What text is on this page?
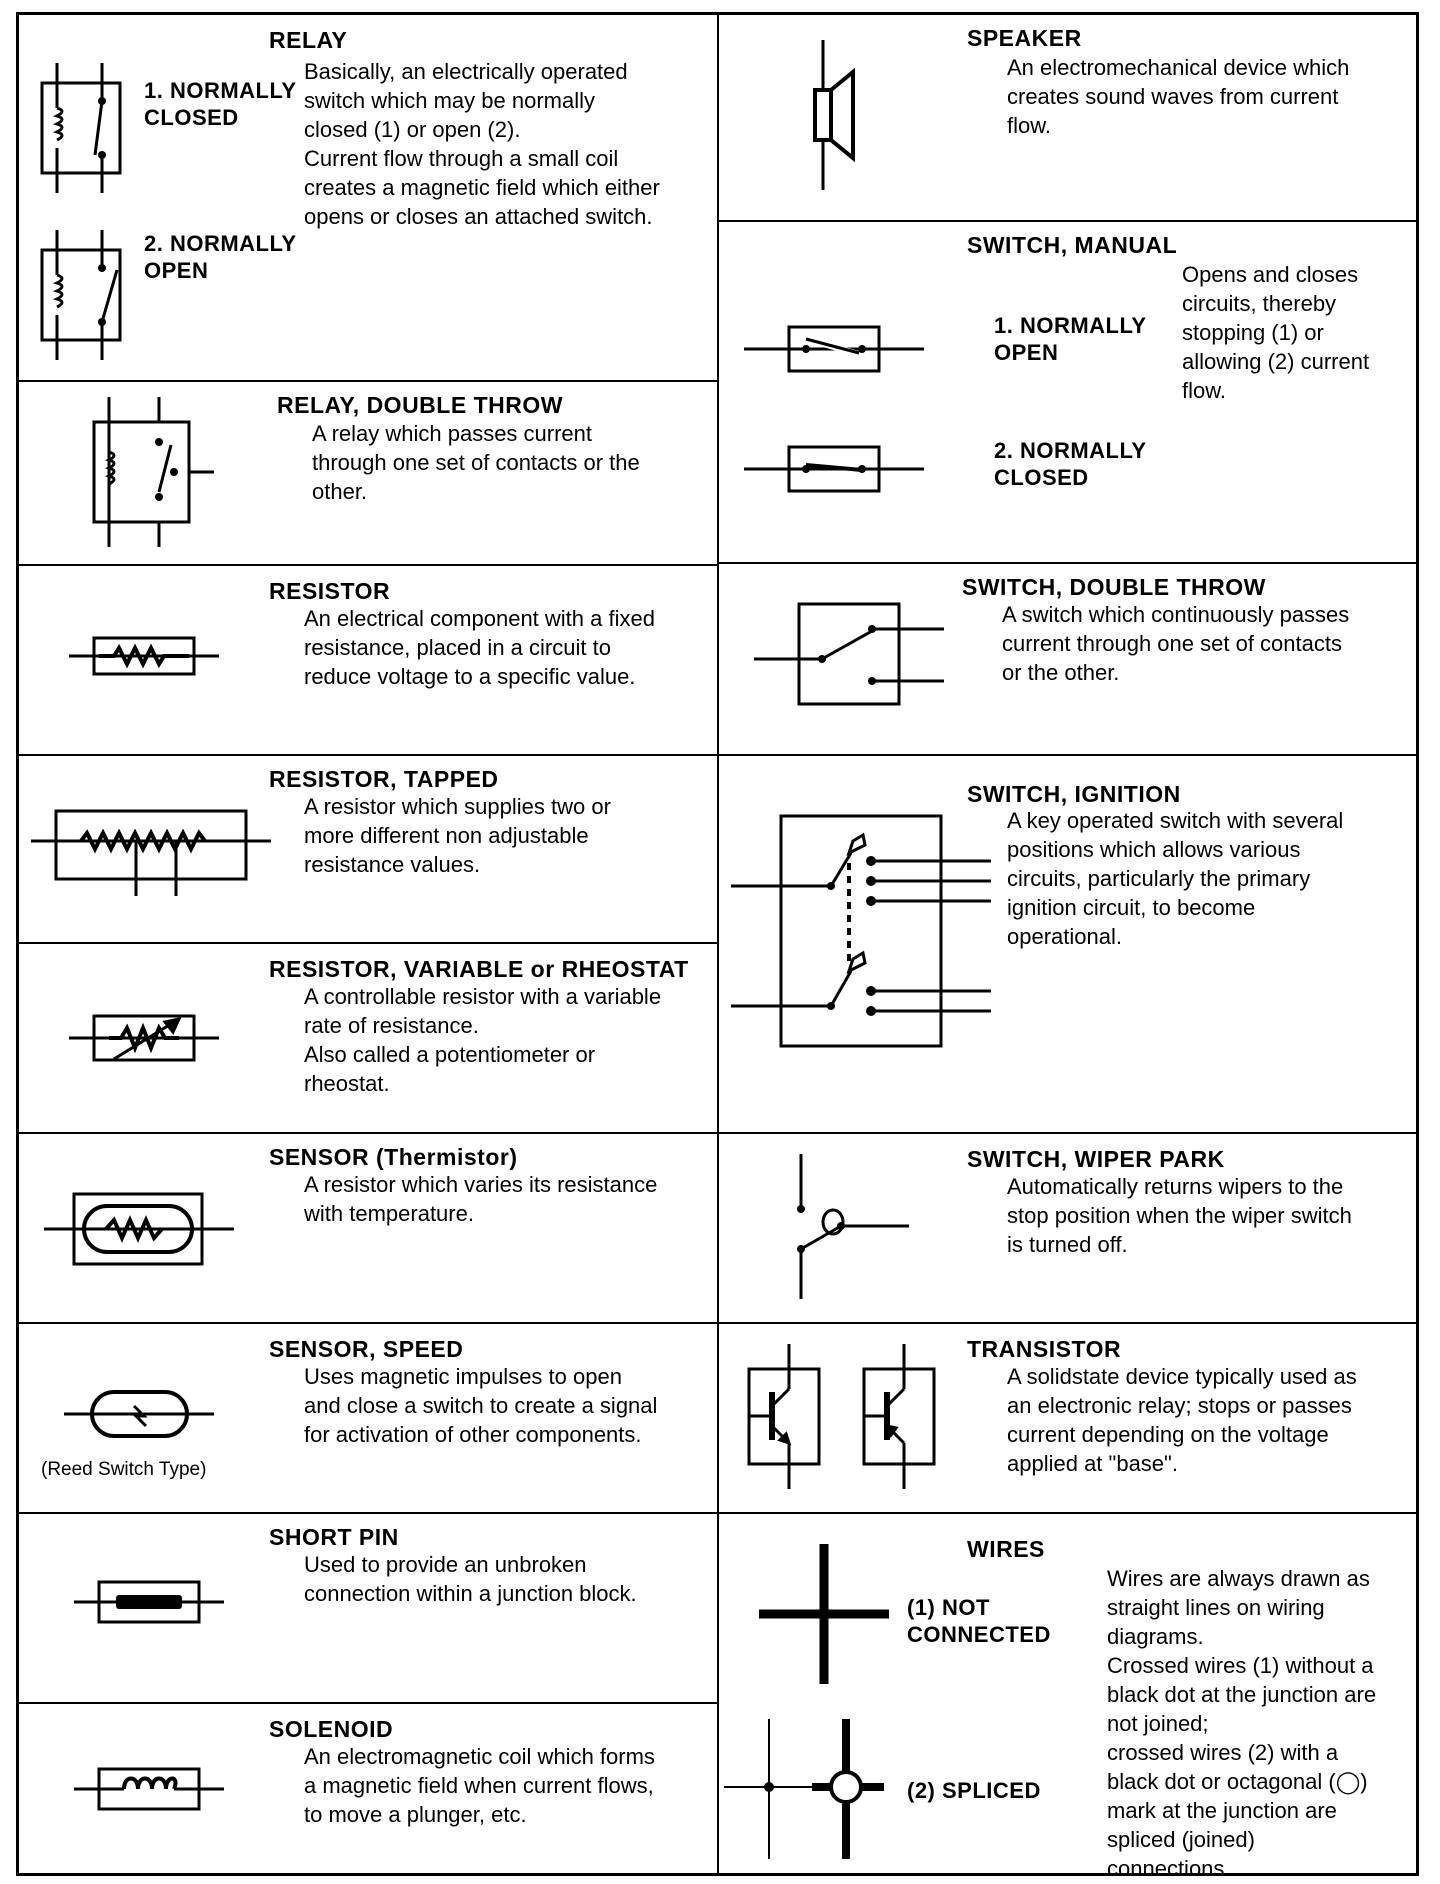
RELAY
1. NORMALLY
CLOSED
2. NORMALLY
OPEN
Basically, an electrically operated
switch which may be normally
closed (1) or open (2).
Current flow through a small coil
creates a magnetic field which either
opens or closes an attached switch.
RELAY, DOUBLE THROW
A relay which passes current
through one set of contacts or the
other.
RESISTOR
An electrical component with a fixed
resistance, placed in a circuit to
reduce voltage to a specific value.
RESISTOR, TAPPED
A resistor which supplies two or
more different non adjustable
resistance values.
RESISTOR, VARIABLE or RHEOSTAT
A controllable resistor with a variable
rate of resistance.
Also called a potentiometer or
rheostat.
SENSOR (Thermistor)
A resistor which varies its resistance
with temperature.
SENSOR, SPEED
Uses magnetic impulses to open
and close a switch to create a signal
for activation of other components.
(Reed Switch Type)
SHORT PIN
Used to provide an unbroken
connection within a junction block.
SOLENOID
An electromagnetic coil which forms
a magnetic field when current flows,
to move a plunger, etc.
SPEAKER
An electromechanical device which
creates sound waves from current
flow.
SWITCH, MANUAL
Opens and closes
circuits, thereby
stopping (1) or
allowing (2) current
flow.
1. NORMALLY
OPEN
2. NORMALLY
CLOSED
SWITCH, DOUBLE THROW
A switch which continuously passes
current through one set of contacts
or the other.
SWITCH, IGNITION
A key operated switch with several
positions which allows various
circuits, particularly the primary
ignition circuit, to become
operational.
SWITCH, WIPER PARK
Automatically returns wipers to the
stop position when the wiper switch
is turned off.
TRANSISTOR
A solidstate device typically used as
an electronic relay; stops or passes
current depending on the voltage
applied at "base".
WIRES
Wires are always drawn as
straight lines on wiring
diagrams.
Crossed wires (1) without a
black dot at the junction are
not joined;
crossed wires (2) with a
black dot or octagonal (◯)
mark at the junction are
spliced (joined)
connections.
(1) NOT
CONNECTED
(2) SPLICED
